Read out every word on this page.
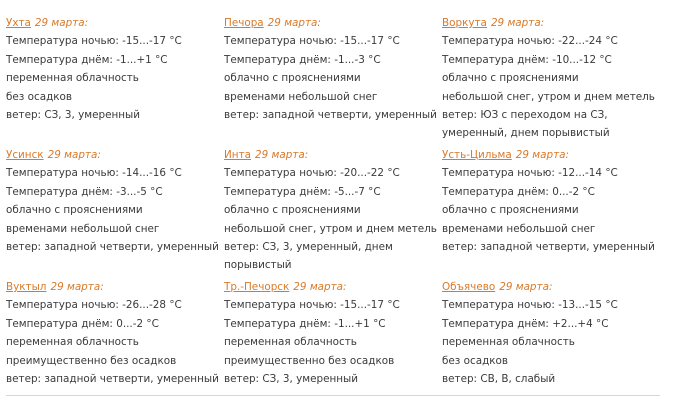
Ухта 29 марта:
Температура ночью: -15...-17 °C
Температура днём: -1...+1 °C
переменная облачность
без осадков
ветер: СЗ, 3, умеренный
Печора 29 марта:
Температура ночью: -15...-17 °C
Температура днём: -1...-3 °C
облачно с прояснениями
временами небольшой снег
ветер: западной четверти, умеренный
Воркута 29 марта:
Температура ночью: -22...-24 °C
Температура днём: -10...-12 °C
облачно с прояснениями
небольшой снег, утром и днем метель
ветер: ЮЗ с переходом на СЗ,
умеренный, днем порывистый
Усинск 29 марта:
Температура ночью: -14...-16 °C
Температура днём: -3...-5 °C
облачно с прояснениями
временами небольшой снег
ветер: западной четверти, умеренный
Инта 29 марта:
Температура ночью: -20...-22 °C
Температура днём: -5...-7 °C
облачно с прояснениями
небольшой снег, утром и днем метель
ветер: СЗ, 3, умеренный, днем
порывистый
Усть-Цильма 29 марта:
Температура ночью: -12...-14 °C
Температура днём: 0...-2 °C
облачно с прояснениями
временами небольшой снег
ветер: западной четверти, умеренный
Вуктыл 29 марта:
Температура ночью: -26...-28 °C
Температура днём: 0...-2 °C
переменная облачность
преимущественно без осадков
ветер: западной четверти, умеренный
Тр.-Печорск 29 марта:
Температура ночью: -15...-17 °C
Температура днём: -1...+1 °C
переменная облачность
преимущественно без осадков
ветер: СЗ, 3, умеренный
Объячево 29 марта:
Температура ночью: -13...-15 °C
Температура днём: +2...+4 °C
переменная облачность
без осадков
ветер: СВ, В, слабый
